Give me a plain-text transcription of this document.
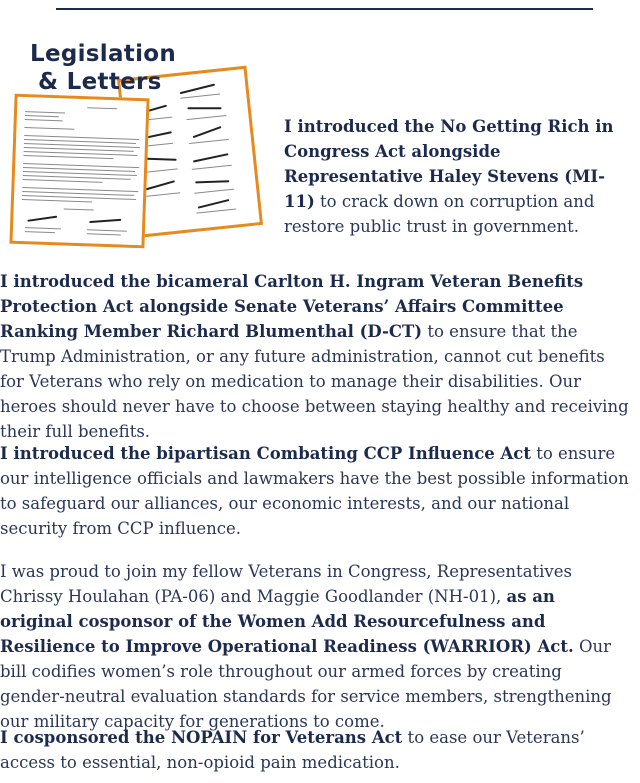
Legislation
& Letters
I introduced the No Getting Rich in Congress Act alongside Representative Haley Stevens (MI-11) to crack down on corruption and restore public trust in government.

I introduced the bicameral Carlton H. Ingram Veteran Benefits Protection Act alongside Senate Veterans’ Affairs Committee Ranking Member Richard Blumenthal (D-CT) to ensure that the Trump Administration, or any future administration, cannot cut benefits for Veterans who rely on medication to manage their disabilities. Our heroes should never have to choose between staying healthy and receiving their full benefits.

I introduced the bipartisan Combating CCP Influence Act to ensure our intelligence officials and lawmakers have the best possible information to safeguard our alliances, our economic interests, and our national security from CCP influence.

I was proud to join my fellow Veterans in Congress, Representatives Chrissy Houlahan (PA-06) and Maggie Goodlander (NH-01), as an original cosponsor of the Women Add Resourcefulness and Resilience to Improve Operational Readiness (WARRIOR) Act. Our bill codifies women’s role throughout our armed forces by creating gender-neutral evaluation standards for service members, strengthening our military capacity for generations to come.

I cosponsored the NOPAIN for Veterans Act to ease our Veterans’ access to essential, non-opioid pain medication.
